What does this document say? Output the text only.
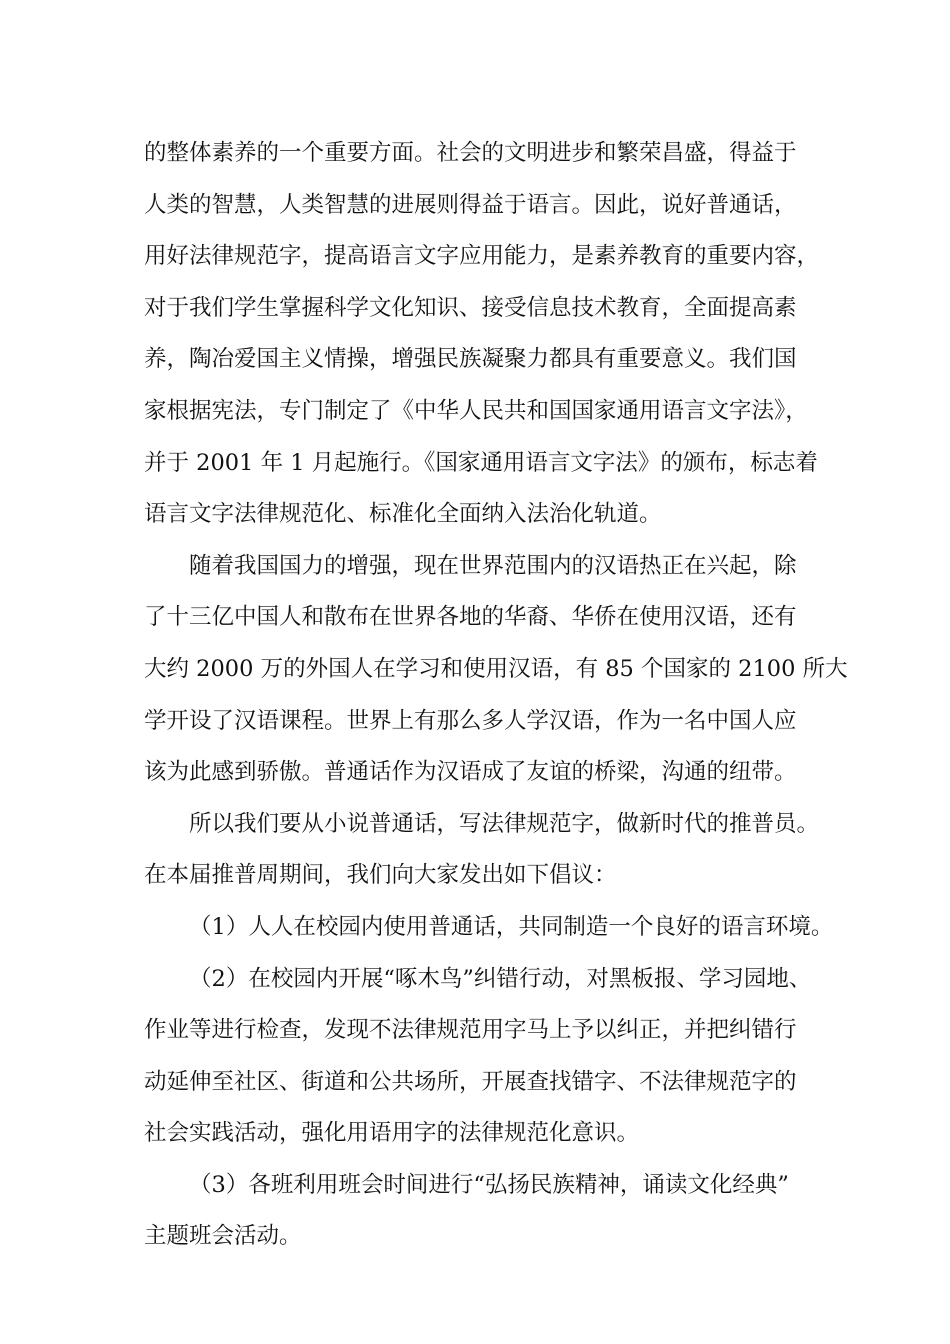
的整体素养的一个重要方面。社会的文明进步和繁荣昌盛，得益于

人类的智慧，人类智慧的进展则得益于语言。因此，说好普通话，

用好法律规范字，提高语言文字应用能力，是素养教育的重要内容，

对于我们学生掌握科学文化知识、接受信息技术教育，全面提高素

养，陶冶爱国主义情操，增强民族凝聚力都具有重要意义。我们国

家根据宪法，专门制定了《中华人民共和国国家通用语言文字法》，

并于 2001 年 1 月起施行。《国家通用语言文字法》的颁布，标志着

语言文字法律规范化、标准化全面纳入法治化轨道。

随着我国国力的增强，现在世界范围内的汉语热正在兴起，除

了十三亿中国人和散布在世界各地的华裔、华侨在使用汉语，还有

大约 2000 万的外国人在学习和使用汉语，有 85 个国家的 2100 所大

学开设了汉语课程。世界上有那么多人学汉语，作为一名中国人应

该为此感到骄傲。普通话作为汉语成了友谊的桥梁，沟通的纽带。

所以我们要从小说普通话，写法律规范字，做新时代的推普员。

在本届推普周期间，我们向大家发出如下倡议：

（1）人人在校园内使用普通话，共同制造一个良好的语言环境。

（2）在校园内开展“啄木鸟”纠错行动，对黑板报、学习园地、

作业等进行检查，发现不法律规范用字马上予以纠正，并把纠错行

动延伸至社区、街道和公共场所，开展查找错字、不法律规范字的

社会实践活动，强化用语用字的法律规范化意识。

（3）各班利用班会时间进行“弘扬民族精神，诵读文化经典”

主题班会活动。
